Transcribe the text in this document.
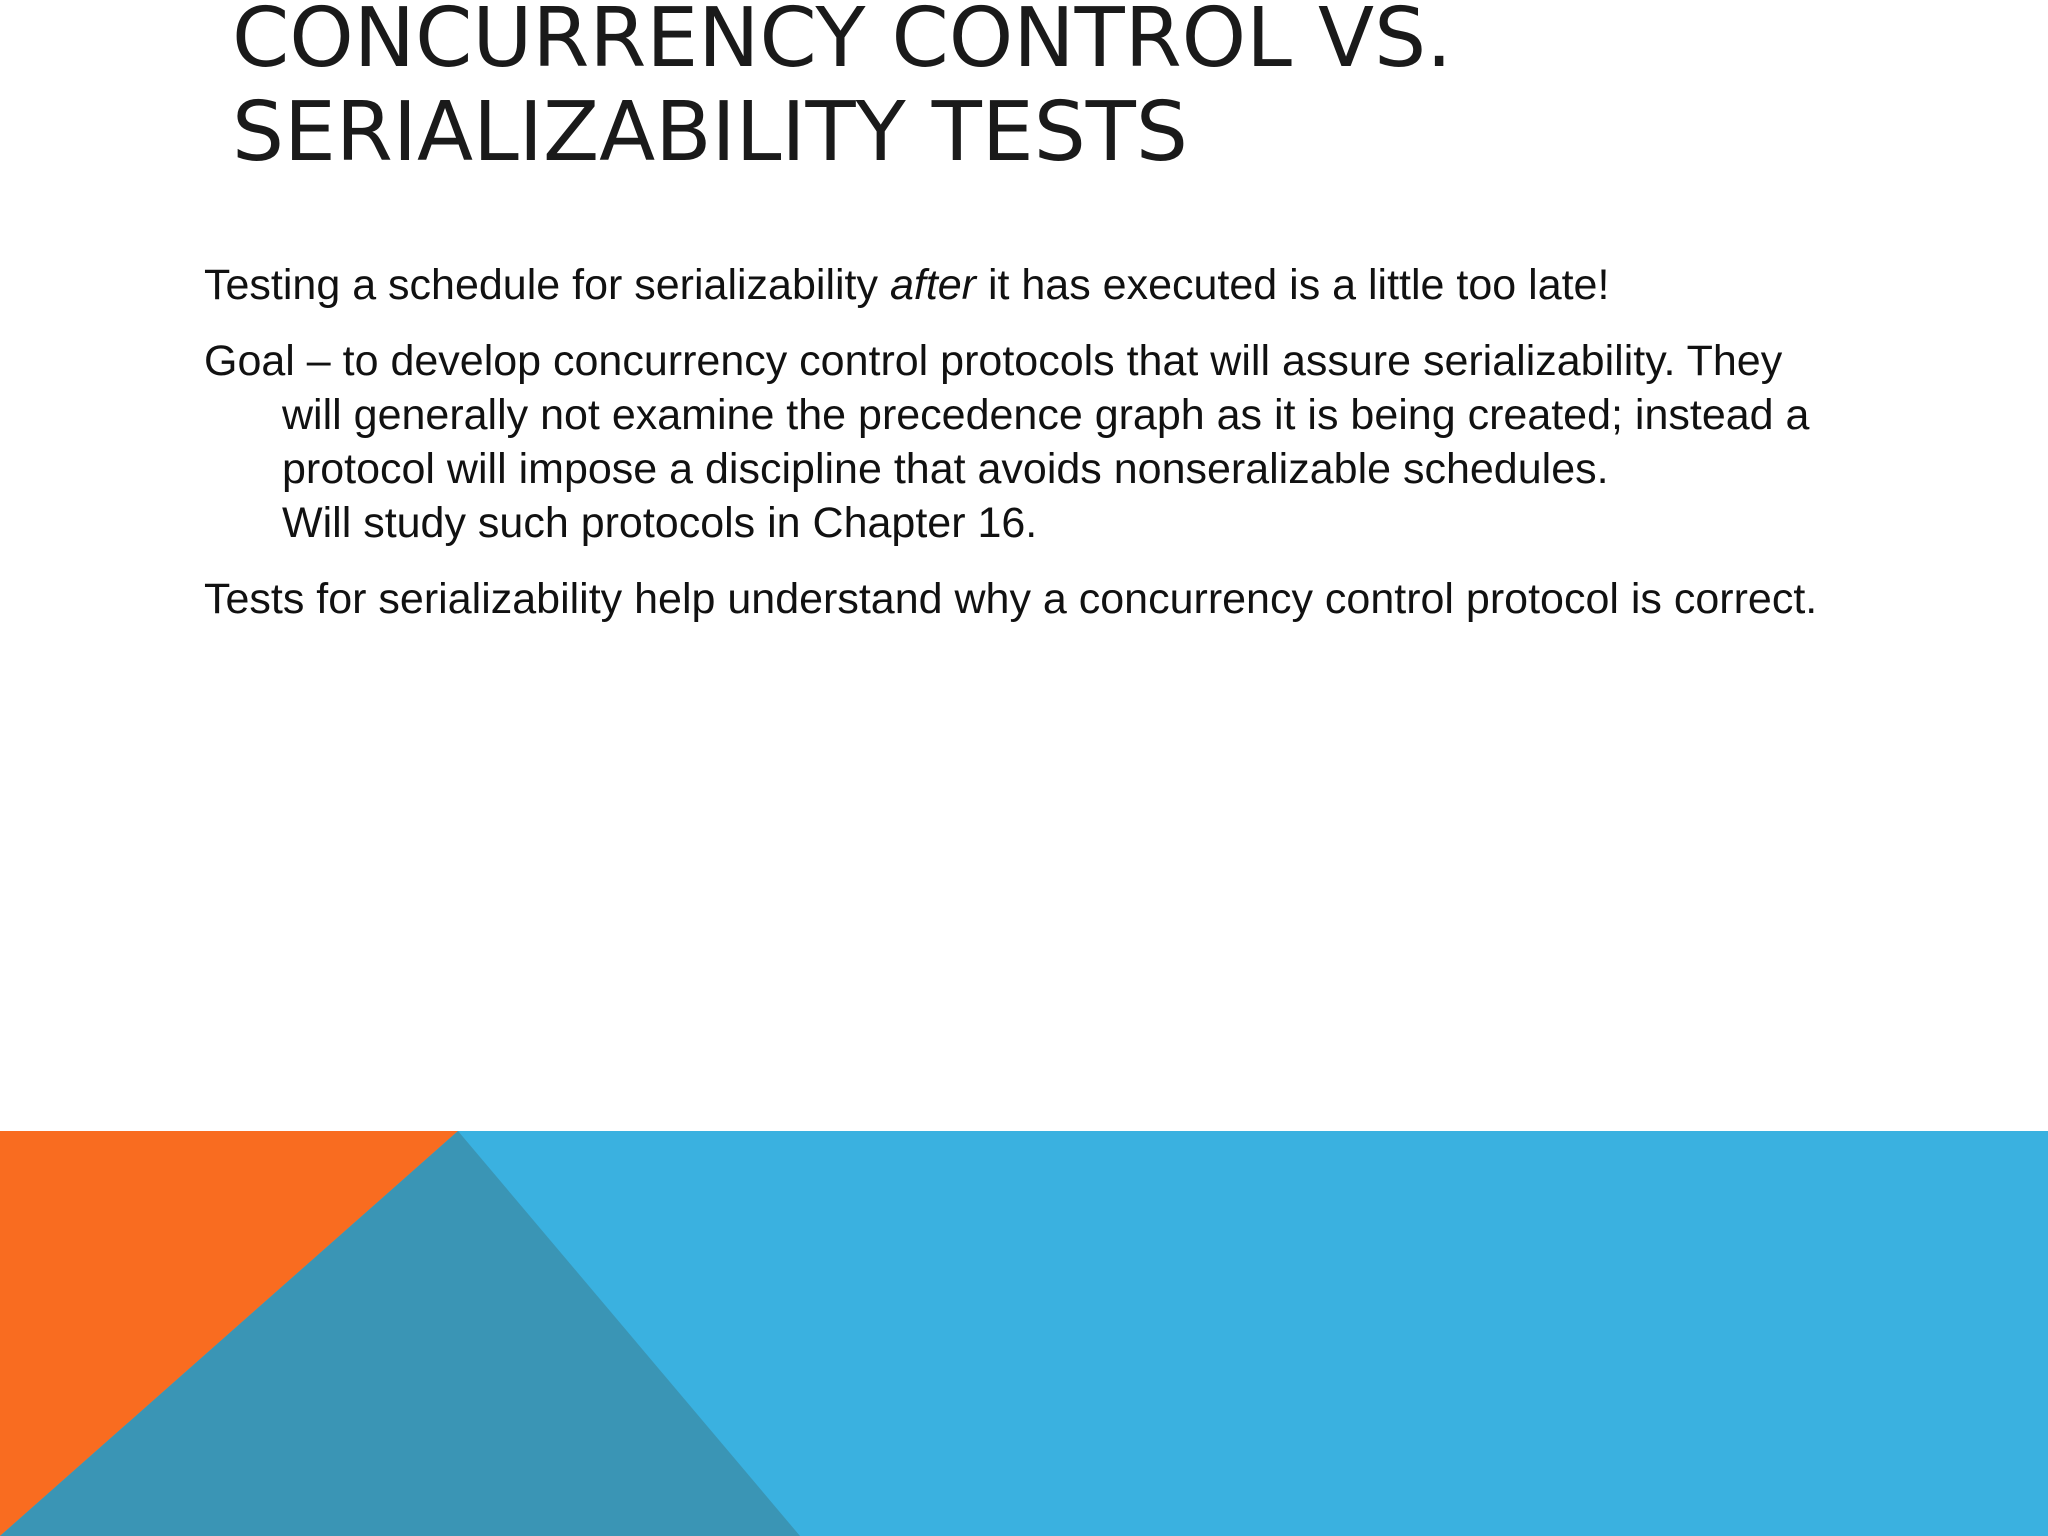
CONCURRENCY CONTROL VS.
SERIALIZABILITY TESTS

Testing a schedule for serializability after it has executed is a little too late!

Goal – to develop concurrency control protocols that will assure serializability. They
will generally not examine the precedence graph as it is being created; instead a
protocol will impose a discipline that avoids nonseralizable schedules.
Will study such protocols in Chapter 16.

Tests for serializability help understand why a concurrency control protocol is correct.
